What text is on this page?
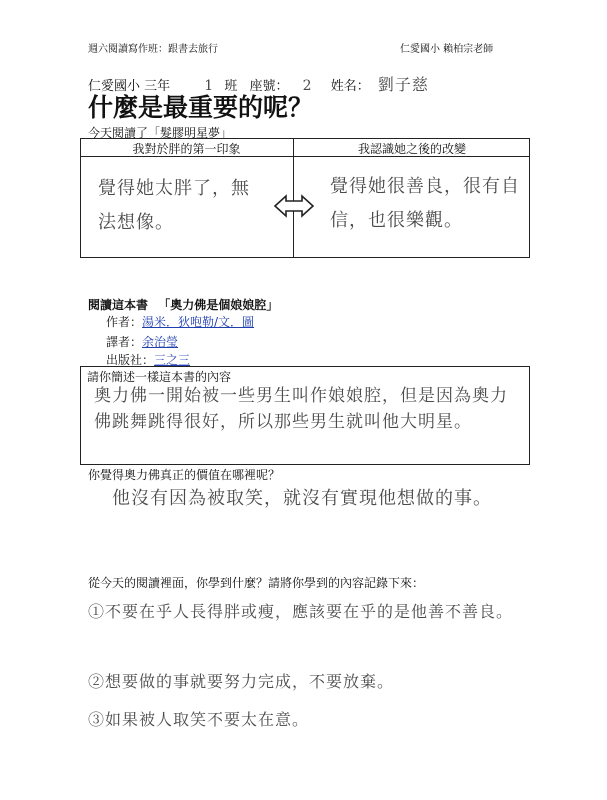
週六閱讀寫作班：跟書去旅行	仁愛國小 賴柏宗老師
仁愛國小 三年 1 班 座號： 2 姓名： 劉子慈
什麼是最重要的呢？
今天閱讀了「髮膠明星夢」
我對於胖的第一印象	我認識她之後的改變
覺得她太胖了，無法想像。
覺得她很善良，很有自信，也很樂觀。
閱讀這本書 「奧力佛是個娘娘腔」
作者：湯米．狄咆勒/文．圖
譯者：余治瑩
出版社：三之三
請你簡述一樣這本書的內容
奧力佛一開始被一些男生叫作娘娘腔，但是因為奧力佛跳舞跳得很好，所以那些男生就叫他大明星。
你覺得奧力佛真正的價值在哪裡呢？
他沒有因為被取笑，就沒有實現他想做的事。
從今天的閱讀裡面，你學到什麼？請將你學到的內容記錄下來：
①不要在乎人長得胖或瘦，應該要在乎的是他善不善良。
②想要做的事就要努力完成，不要放棄。
③如果被人取笑不要太在意。
